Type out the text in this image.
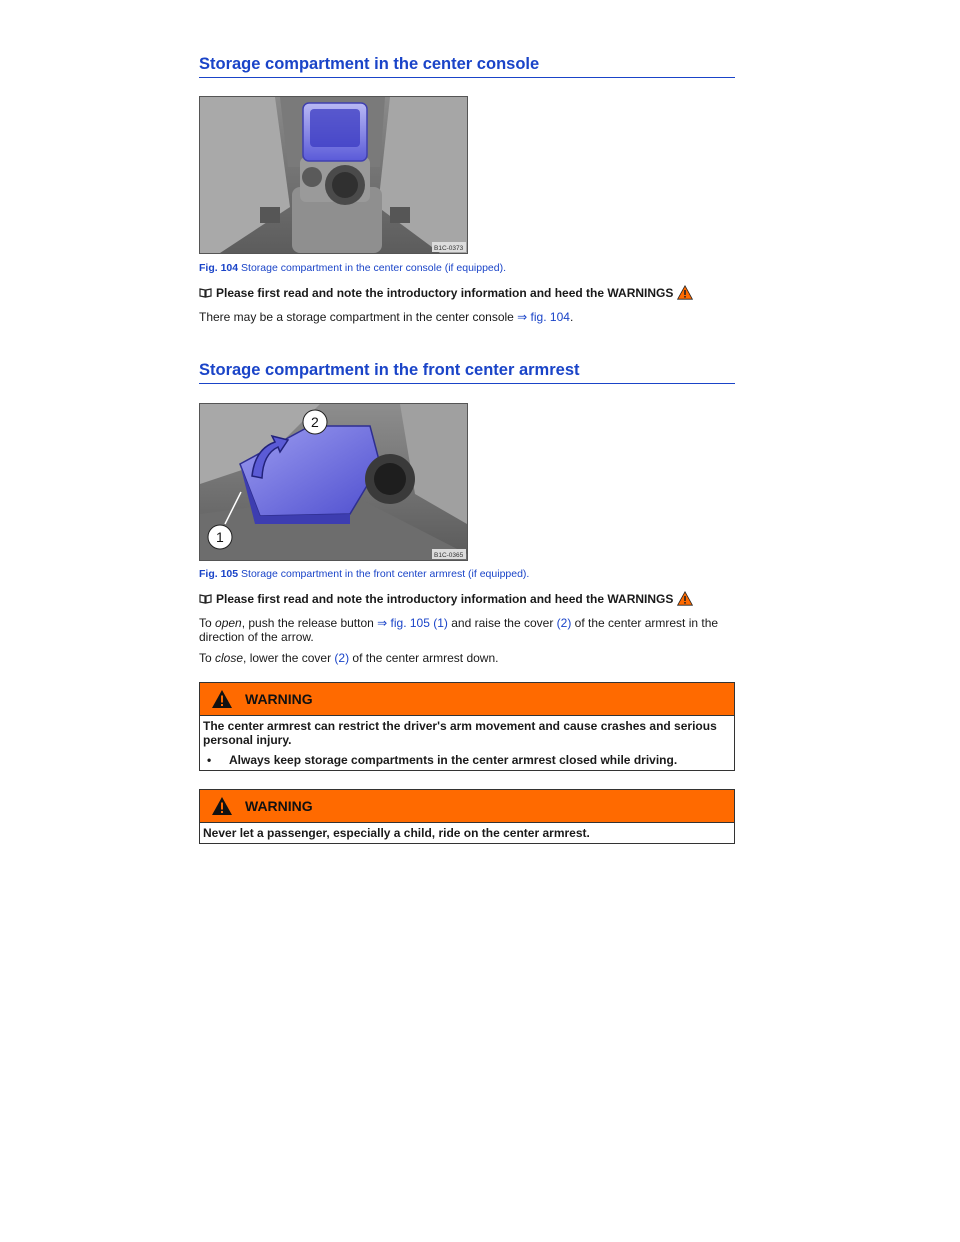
Storage compartment in the center console
B1C-0373
Fig. 104 Storage compartment in the center console (if equipped).
Please first read and note the introductory information and heed the WARNINGS
There may be a storage compartment in the center console ⇒ fig. 104.
Storage compartment in the front center armrest
1
2
B1C-0365
Fig. 105 Storage compartment in the front center armrest (if equipped).
Please first read and note the introductory information and heed the WARNINGS
To open, push the release button ⇒ fig. 105 (1) and raise the cover (2) of the center armrest in the direction of the arrow.
To close, lower the cover (2) of the center armrest down.
WARNING

The center armrest can restrict the driver's arm movement and cause crashes and serious personal injury.

•	Always keep storage compartments in the center armrest closed while driving.
WARNING

Never let a passenger, especially a child, ride on the center armrest.
